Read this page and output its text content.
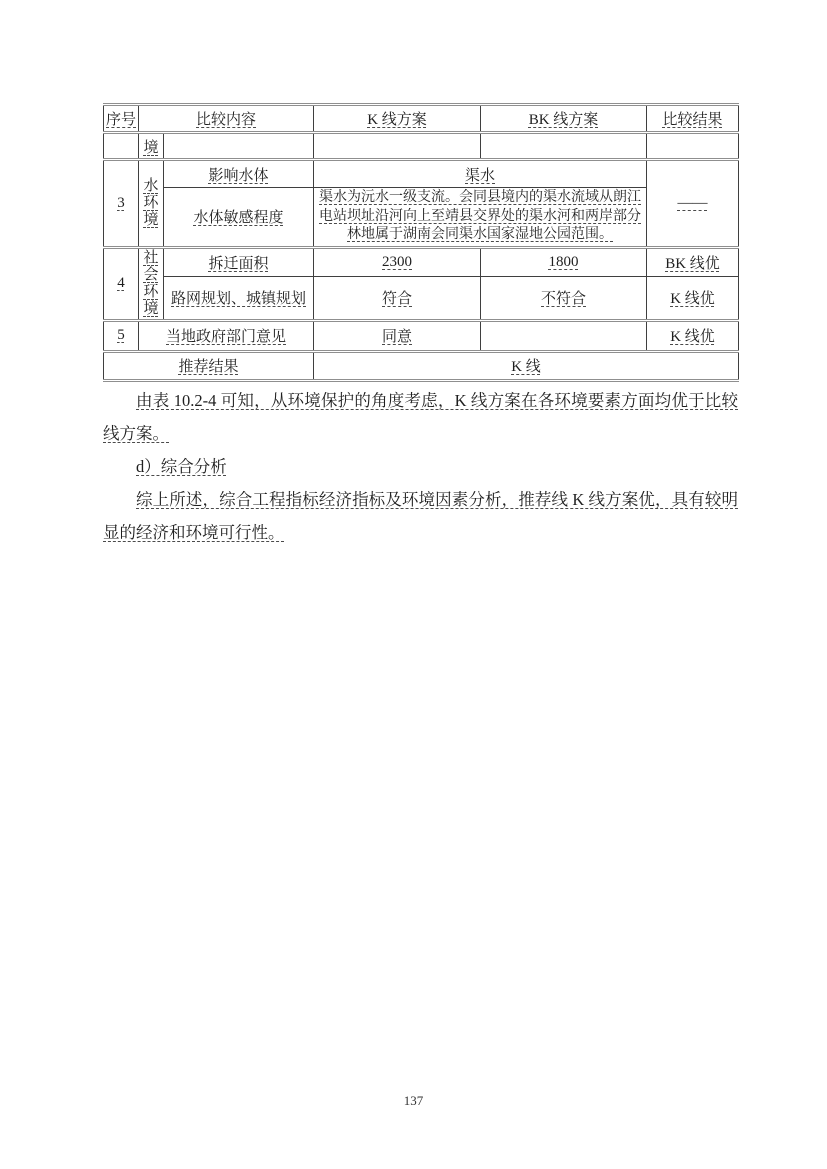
序号	比较内容		K 线方案	BK 线方案	比较结果
	境				
3	水环境	影响水体	渠水		——
		水体敏感程度	渠水为沅水一级支流。会同县境内的渠水流域从朗江电站坝址沿河向上至靖县交界处的渠水河和两岸部分林地属于湖南会同渠水国家湿地公园范围。		
4	社会环境	拆迁面积	2300	1800	BK 线优
		路网规划、城镇规划	符合	不符合	K 线优
5	当地政府部门意见		同意		K 线优
推荐结果			K 线		

由表 10.2-4 可知，从环境保护的角度考虑，K 线方案在各环境要素方面均优于比较线方案。

d）综合分析

综上所述，综合工程指标经济指标及环境因素分析，推荐线 K 线方案优，具有较明显的经济和环境可行性。

137
